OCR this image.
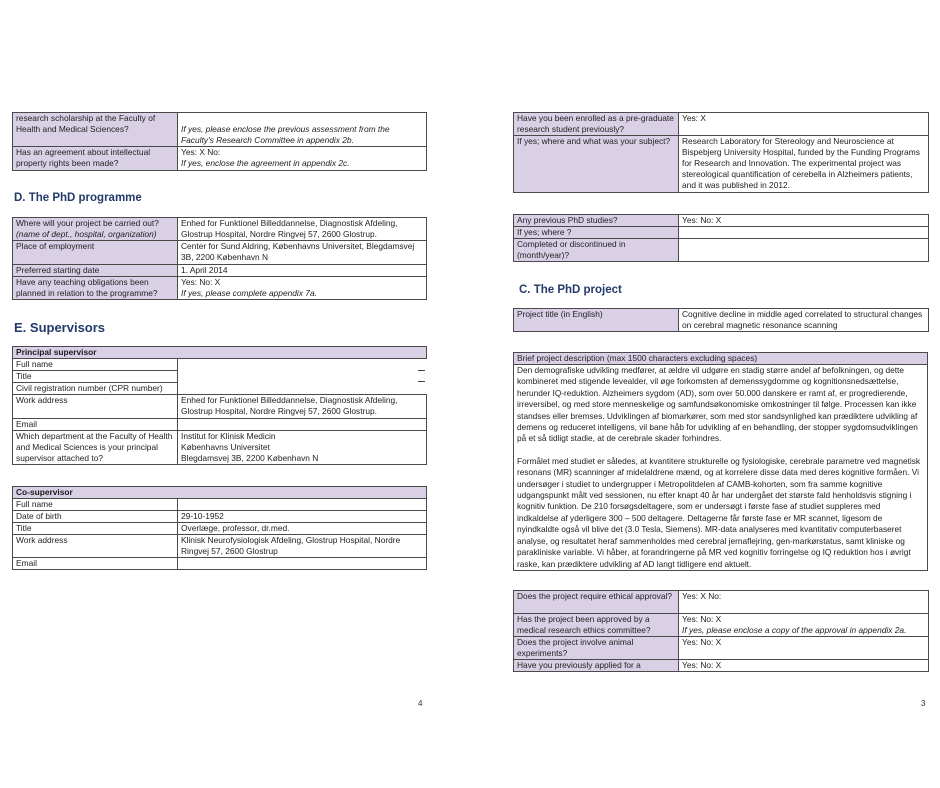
research scholarship at the Faculty of Health and Medical Sciences?	If yes, please enclose the previous assessment from the Faculty's Research Committee in appendix 2b.

Has an agreement about intellectual property rights been made?	Yes: X No:
If yes, enclose the agreement in appendix 2c.
D. The PhD programme
Where will your project be carried out?
(name of dept., hospital, organization)	Enhed for Funktionel Billeddannelse, Diagnostisk Afdeling, Glostrup Hospital, Nordre Ringvej 57, 2600 Glostrup.
Place of employment	Center for Sund Aldring, Københavns Universitet, Blegdamsvej 3B, 2200 København N
Preferred starting date	1. April 2014
Have any teaching obligations been planned in relation to the programme?	Yes: No: X
If yes, please complete appendix 7a.
E. Supervisors
Principal supervisor	
Full name	
Title	
Civil registration number (CPR number)	
Work address	Enhed for Funktionel Billeddannelse, Diagnostisk Afdeling, Glostrup Hospital, Nordre Ringvej 57, 2600 Glostrup.
Email	
Which department at the Faculty of Health and Medical Sciences is your principal supervisor attached to?	Institut for Klinisk Medicin
Københavns Universitet
Blegdamsvej 3B, 2200 København N
Co-supervisor	
Full name	
Date of birth	29-10-1952
Title	Overlæge, professor, dr.med.
Work address	Klinisk Neurofysiologisk Afdeling, Glostrup Hospital, Nordre Ringvej 57, 2600 Glostrup
Email	
4
Have you been enrolled as a pre-graduate research student previously?	Yes: X
If yes; where and what was your subject?	Research Laboratory for Stereology and Neuroscience at Bispebjerg University Hospital, funded by the Funding Programs for Research and Innovation. The experimental project was stereological quantification of cerebella in Alzheimers patients, and it was published in 2012.
Any previous PhD studies?	Yes: No: X
If yes; where ?	
Completed or discontinued in (month/year)?	
C. The PhD project
Project title (in English)	Cognitive decline in middle aged correlated to structural changes on cerebral magnetic resonance scanning
Brief project description (max 1500 characters excluding spaces)

Den demografiske udvikling medfører, at ældre vil udgøre en stadig større andel af befolkningen, og dette kombineret med stigende levealder, vil øge forkomsten af demenssygdomme og kognitionsnedsættelse, herunder IQ-reduktion. Alzheimers sygdom (AD), som over 50.000 danskere er ramt af, er progredierende, irreversibel, og med store menneskelige og samfundsøkonomiske omkostninger til følge. Processen kan ikke standses eller bremses. Udviklingen af biomarkører, som med stor sandsynlighed kan prædiktere udvikling af demens og reduceret intelligens, vil bane håb for udvikling af en behandling, der stopper sygdomsudviklingen på et så tidligt stadie, at de cerebrale skader forhindres.

Formålet med studiet er således, at kvantitere strukturelle og fysiologiske, cerebrale parametre ved magnetisk resonans (MR) scanninger af midelaldrene mænd, og at korrelere disse data med deres kognitive formåen. Vi undersøger i studiet to undergrupper i Metropolitdelen af CAMB-kohorten, som fra samme kognitive udgangspunkt målt ved sessionen, nu efter knapt 40 år har undergået det største fald henholdsvis stigning i kognitiv funktion. De 210 forsøgsdeltagere, som er undersøgt i første fase af studiet suppleres med indkaldelse af yderligere 300 – 500 deltagere. Deltagerne får første fase er MR scannet, ligesom de nyindkaldte også vil blive det (3.0 Tesla, Siemens). MR-data analyseres med kvantitativ computerbaseret analyse, og resultatet heraf sammenholdes med cerebral jernaflejring, gen-markørstatus, samt kliniske og parakliniske variable. Vi håber, at forandringerne på MR ved kognitiv forringelse og IQ reduktion hos i øvrigt raske, kan prædiktere udvikling af AD langt tidligere end aktuelt.

Does the project require ethical approval?	Yes: X No:
Has the project been approved by a medical research ethics committee?	Yes: No: X
If yes, please enclose a copy of the approval in appendix 2a.

Does the project involve animal experiments?	Yes: No: X
Have you previously applied for a	Yes: No: X
3
